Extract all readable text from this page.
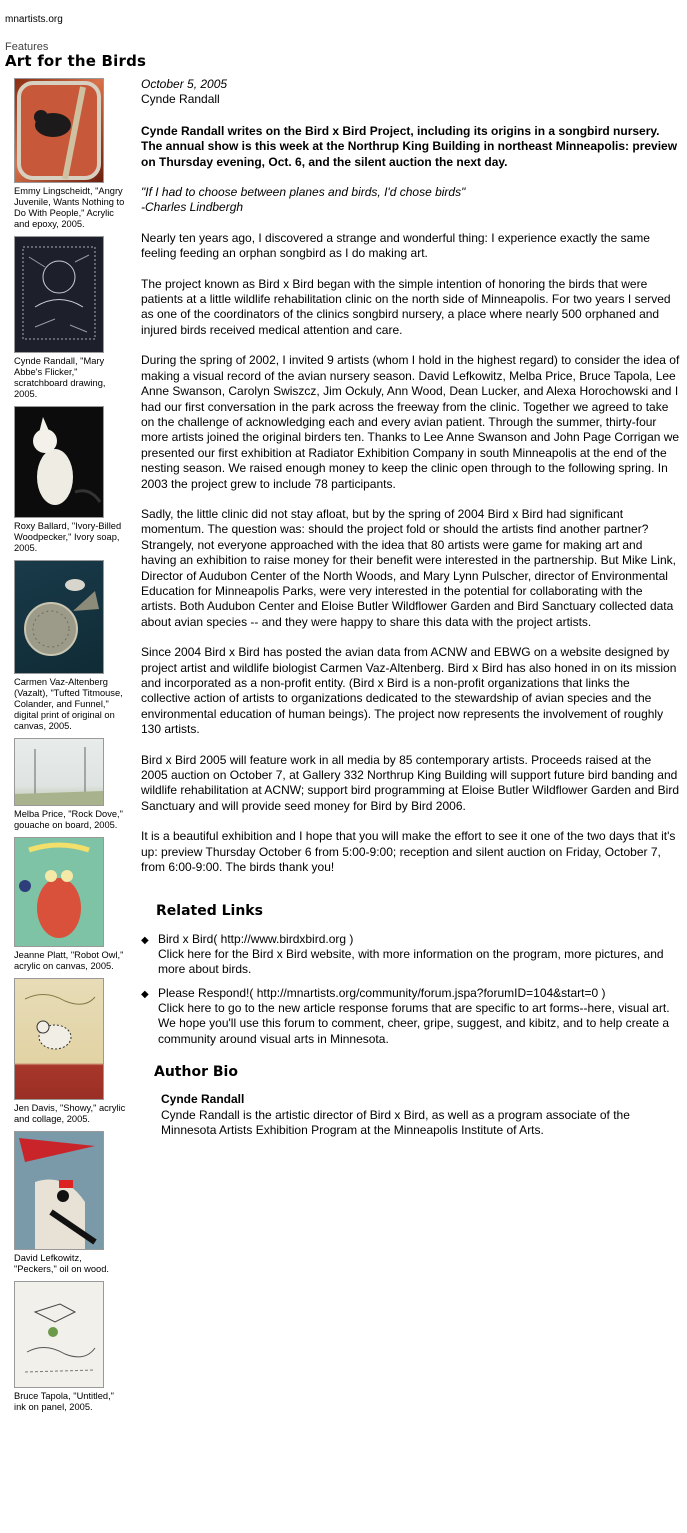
mnartists.org
Features
Art for the Birds
Emmy Lingscheidt, "Angry Juvenile, Wants Nothing to Do With People," Acrylic and epoxy, 2005.
Cynde Randall, "Mary Abbe's Flicker," scratchboard drawing, 2005.
Roxy Ballard, "Ivory-Billed Woodpecker," Ivory soap, 2005.
Carmen Vaz-Altenberg (Vazalt), "Tufted Titmouse, Colander, and Funnel," digital print of original on canvas, 2005.
Melba Price, "Rock Dove," gouache on board, 2005.
Jeanne Platt, "Robot Owl," acrylic on canvas, 2005.
Jen Davis, "Showy," acrylic and collage, 2005.
David Lefkowitz, "Peckers," oil on wood.
Bruce Tapola, "Untitled," ink on panel, 2005.
October 5, 2005
Cynde Randall

Cynde Randall writes on the Bird x Bird Project, including its origins in a songbird nursery. The annual show is this week at the Northrup King Building in northeast Minneapolis: preview on Thursday evening, Oct. 6, and the silent auction the next day.

"If I had to choose between planes and birds, I'd chose birds"

-Charles Lindbergh

Nearly ten years ago, I discovered a strange and wonderful thing: I experience exactly the same feeling feeding an orphan songbird as I do making art.

The project known as Bird x Bird began with the simple intention of honoring the birds that were patients at a little wildlife rehabilitation clinic on the north side of Minneapolis. For two years I served as one of the coordinators of the clinics songbird nursery, a place where nearly 500 orphaned and injured birds received medical attention and care.

During the spring of 2002, I invited 9 artists (whom I hold in the highest regard) to consider the idea of making a visual record of the avian nursery season. David Lefkowitz, Melba Price, Bruce Tapola, Lee Anne Swanson, Carolyn Swiszcz, Jim Ockuly, Ann Wood, Dean Lucker, and Alexa Horochowski and I had our first conversation in the park across the freeway from the clinic. Together we agreed to take on the challenge of acknowledging each and every avian patient. Through the summer, thirty-four more artists joined the original birders ten. Thanks to Lee Anne Swanson and John Page Corrigan we presented our first exhibition at Radiator Exhibition Company in south Minneapolis at the end of the nesting season. We raised enough money to keep the clinic open through to the following spring. In 2003 the project grew to include 78 participants.

Sadly, the little clinic did not stay afloat, but by the spring of 2004 Bird x Bird had significant momentum. The question was: should the project fold or should the artists find another partner? Strangely, not everyone approached with the idea that 80 artists were game for making art and having an exhibition to raise money for their benefit were interested in the partnership. But Mike Link, Director of Audubon Center of the North Woods, and Mary Lynn Pulscher, director of Environmental Education for Minneapolis Parks, were very interested in the potential for collaborating with the artists. Both Audubon Center and Eloise Butler Wildflower Garden and Bird Sanctuary collected data about avian species -- and they were happy to share this data with the project artists.

Since 2004 Bird x Bird has posted the avian data from ACNW and EBWG on a website designed by project artist and wildlife biologist Carmen Vaz-Altenberg. Bird x Bird has also honed in on its mission and incorporated as a non-profit entity. (Bird x Bird is a non-profit organizations that links the collective action of artists to organizations dedicated to the stewardship of avian species and the environmental education of human beings). The project now represents the involvement of roughly 130 artists.

Bird x Bird 2005 will feature work in all media by 85 contemporary artists. Proceeds raised at the 2005 auction on October 7, at Gallery 332 Northrup King Building will support future bird banding and wildlife rehabilitation at ACNW; support bird programming at Eloise Butler Wildflower Garden and Bird Sanctuary and will provide seed money for Bird by Bird 2006.

It is a beautiful exhibition and I hope that you will make the effort to see it one of the two days that it's up: preview Thursday October 6 from 5:00-9:00; reception and silent auction on Friday, October 7, from 6:00-9:00. The birds thank you!

Related Links
◆ Bird x Bird( http://www.birdxbird.org )
Click here for the Bird x Bird website, with more information on the program, more pictures, and more about birds.
◆ Please Respond!( http://mnartists.org/community/forum.jspa?forumID=104&start=0 )
Click here to go to the new article response forums that are specific to art forms--here, visual art. We hope you'll use this forum to comment, cheer, gripe, suggest, and kibitz, and to help create a community around visual arts in Minnesota.
Author Bio
Cynde Randall
Cynde Randall is the artistic director of Bird x Bird, as well as a program associate of the Minnesota Artists Exhibition Program at the Minneapolis Institute of Arts.
